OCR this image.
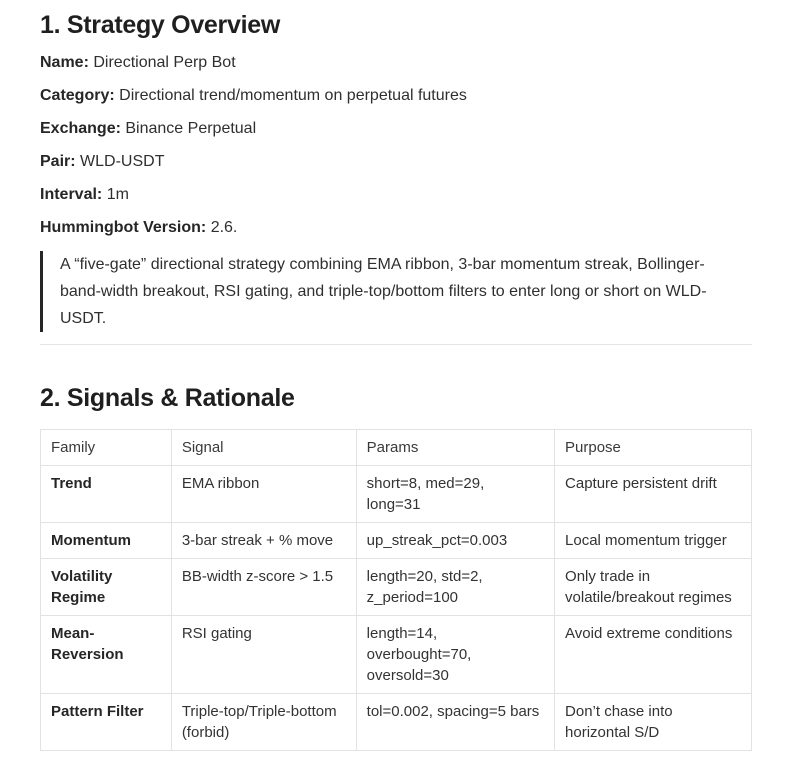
1. Strategy Overview

Name: Directional Perp Bot

Category: Directional trend/momentum on perpetual futures

Exchange: Binance Perpetual

Pair: WLD-USDT

Interval: 1m

Hummingbot Version: 2.6.

A “five-gate” directional strategy combining EMA ribbon, 3-bar momentum streak, Bollinger-band-width breakout, RSI gating, and triple-top/bottom filters to enter long or short on WLD-USDT.

2. Signals & Rationale
Family	Signal	Params	Purpose
Trend	EMA ribbon	short=8, med=29, long=31	Capture persistent drift
Momentum	3-bar streak + % move	up_streak_pct=0.003	Local momentum trigger
Volatility Regime	BB-width z-score > 1.5	length=20, std=2, z_period=100	Only trade in volatile/breakout regimes
Mean-Reversion	RSI gating	length=14, overbought=70, oversold=30	Avoid extreme conditions
Pattern Filter	Triple-top/Triple-bottom (forbid)	tol=0.002, spacing=5 bars	Don’t chase into horizontal S/D
